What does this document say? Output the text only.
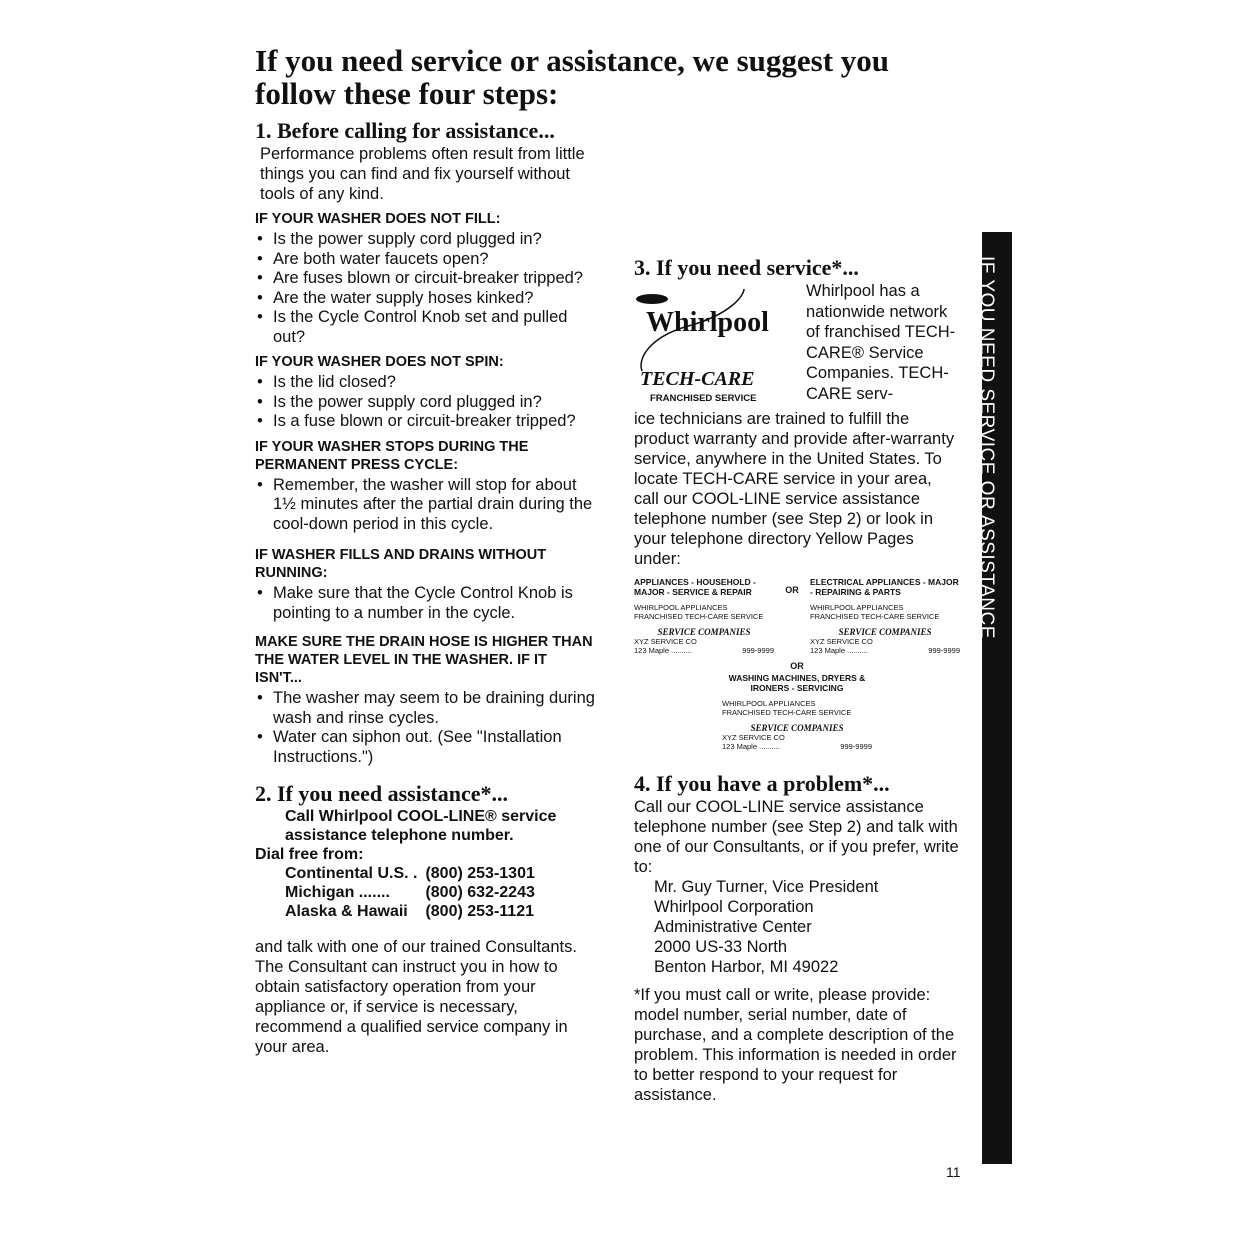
If you need service or assistance, we suggest you follow these four steps:
1. Before calling for assistance...

Performance problems often result from little things you can find and fix yourself without tools of any kind.

IF YOUR WASHER DOES NOT FILL:
• Is the power supply cord plugged in?
• Are both water faucets open?
• Are fuses blown or circuit-breaker tripped?
• Are the water supply hoses kinked?
• Is the Cycle Control Knob set and pulled out?
IF YOUR WASHER DOES NOT SPIN:
• Is the lid closed?
• Is the power supply cord plugged in?
• Is a fuse blown or circuit-breaker tripped?
IF YOUR WASHER STOPS DURING THE PERMANENT PRESS CYCLE:
• Remember, the washer will stop for about 1½ minutes after the partial drain during the cool-down period in this cycle.
IF WASHER FILLS AND DRAINS WITHOUT RUNNING:
• Make sure that the Cycle Control Knob is pointing to a number in the cycle.
MAKE SURE THE DRAIN HOSE IS HIGHER THAN THE WATER LEVEL IN THE WASHER. IF IT ISN'T...
• The washer may seem to be draining during wash and rinse cycles.
• Water can siphon out. (See "Installation Instructions.")
2. If you need assistance*...
Call Whirlpool COOL-LINE® service assistance telephone number.
Dial free from:
Continental U.S. .	(800) 253-1301
Michigan .......	(800) 632-2243
Alaska & Hawaii	(800) 253-1121

and talk with one of our trained Consultants. The Consultant can instruct you in how to obtain satisfactory operation from your appliance or, if service is necessary, recommend a qualified service company in your area.

3. If you need service*...
Whirlpool
TECH-CARE
FRANCHISED SERVICE

Whirlpool has a nationwide network of franchised TECH-CARE® Service Companies. TECH-CARE serv-

ice technicians are trained to fulfill the product warranty and provide after-warranty service, anywhere in the United States. To locate TECH-CARE service in your area, call our COOL-LINE service assistance telephone number (see Step 2) or look in your telephone directory Yellow Pages under:

APPLIANCES - HOUSEHOLD - MAJOR - SERVICE & REPAIR	OR
ELECTRICAL APPLIANCES - MAJOR - REPAIRING & PARTS
WHIRLPOOL APPLIANCES
FRANCHISED TECH-CARE SERVICE
SERVICE COMPANIES
XYZ SERVICE CO
123 Maple ..........	999-9999
WHIRLPOOL APPLIANCES
FRANCHISED TECH-CARE SERVICE
SERVICE COMPANIES
XYZ SERVICE CO
123 Maple ..........	999-9999
OR
WASHING MACHINES, DRYERS & IRONERS - SERVICING
WHIRLPOOL APPLIANCES
FRANCHISED TECH-CARE SERVICE
SERVICE COMPANIES
XYZ SERVICE CO
123 Maple ..........	999-9999
4. If you have a problem*...

Call our COOL-LINE service assistance telephone number (see Step 2) and talk with one of our Consultants, or if you prefer, write to:

Mr. Guy Turner, Vice President

Whirlpool Corporation

Administrative Center

2000 US-33 North

Benton Harbor, MI 49022

*If you must call or write, please provide: model number, serial number, date of purchase, and a complete description of the problem. This information is needed in order to better respond to your request for assistance.

IF YOU NEED SERVICE OR ASSISTANCE
11
